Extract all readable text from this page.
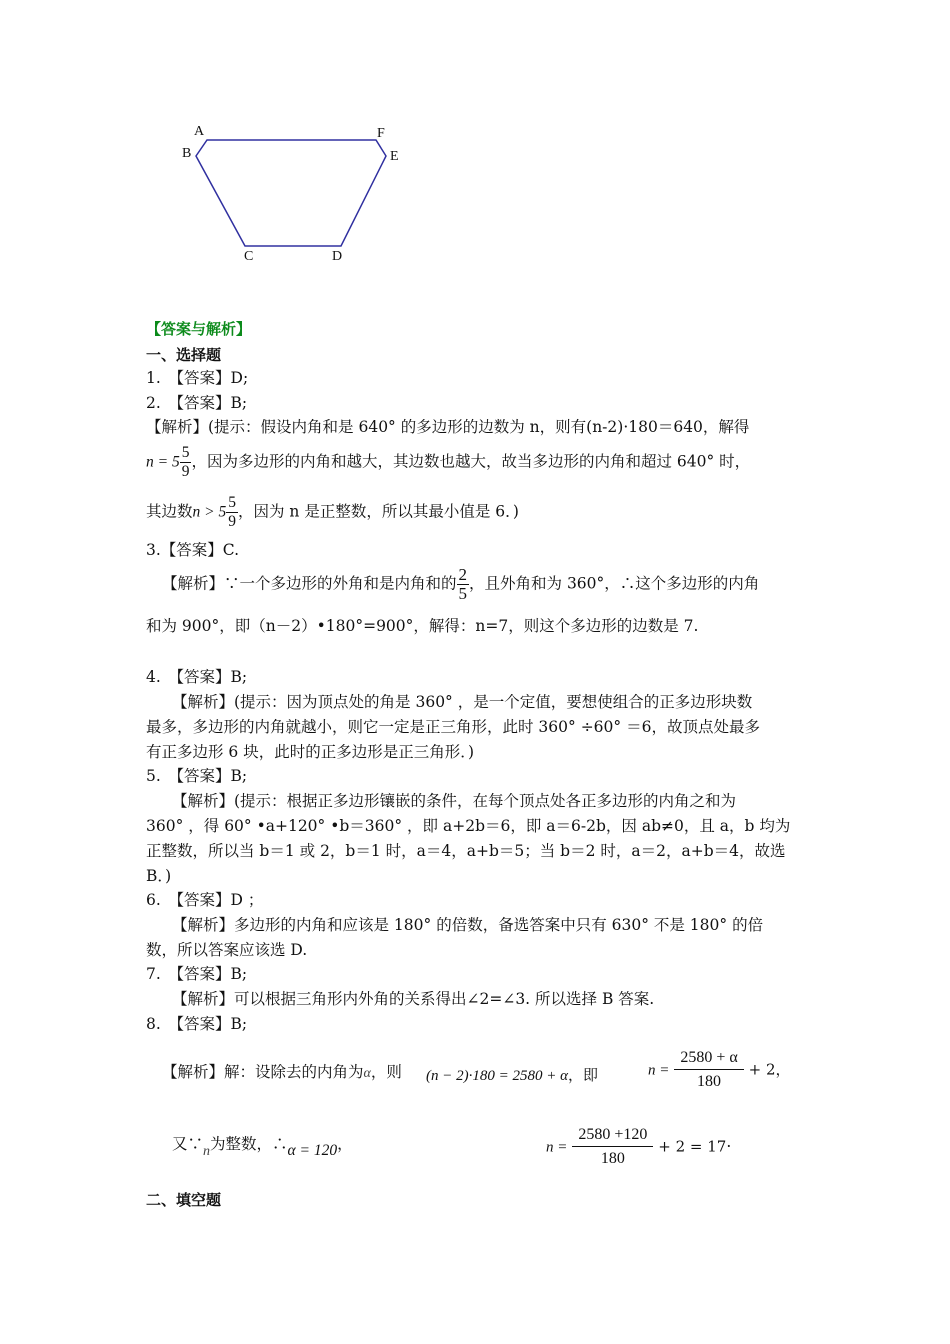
A
B
C	D
E
F
【答案与解析】
一、选择题
1.　【答案】D;
2.　【答案】B;
【解析】(提示：假设内角和是 640° 的多边形的边数为 n，则有(n-2)·180＝640，解得
$n = 5 \frac{5}{9}$ ，因为多边形的内角和越大，其边数也越大，故当多边形的内角和超过 640° 时，
其边数$n > 5 \frac{5}{9}$ ，因为 n 是正整数，所以其最小值是 6．)
3.【答案】C.
【解析】∵一个多边形的外角和是内角和的 $\frac{2}{5}$ ，且外角和为 360°，∴这个多边形的内角
和为 900°，即（n－2）•180°=900°，解得：n=7，则这个多边形的边数是 7.
4.　【答案】B;
【解析】(提示：因为顶点处的角是 360° ，是一个定值，要想使组合的正多边形块数
最多，多边形的内角就越小，则它一定是正三角形，此时 360° ÷60° ＝6，故顶点处最多
有正多边形 6 块，此时的正多边形是正三角形．)
5.　【答案】B;
【解析】(提示：根据正多边形镶嵌的条件，在每个顶点处各正多边形的内角之和为
360° ，得 60° •a+120° •b＝360° ，即 a+2b＝6，即 a＝6-2b，因 ab≠0，且 a，b 均为
正整数，所以当 b＝1 或 2，b＝1 时，a＝4，a+b＝5；当 b＝2 时，a＝2，a+b＝4，故选
B．)
6.　【答案】D ；
【解析】多边形的内角和应该是 180° 的倍数，备选答案中只有 630° 不是 180° 的倍
数，所以答案应该选 D.
7.　【答案】B;
【解析】可以根据三角形内外角的关系得出∠2=∠3. 所以选择 B 答案.
8.　【答案】B;
【解析】解：设除去的内角为α，则 (n − 2)·180 = 2580 + α，即	$n = \frac{2580 + \alpha}{180} + 2$，
又∵n为整数，∴α = 120，	$n = \frac{2580 +120}{180} + 2 = 17\cdot$
二、填空题
